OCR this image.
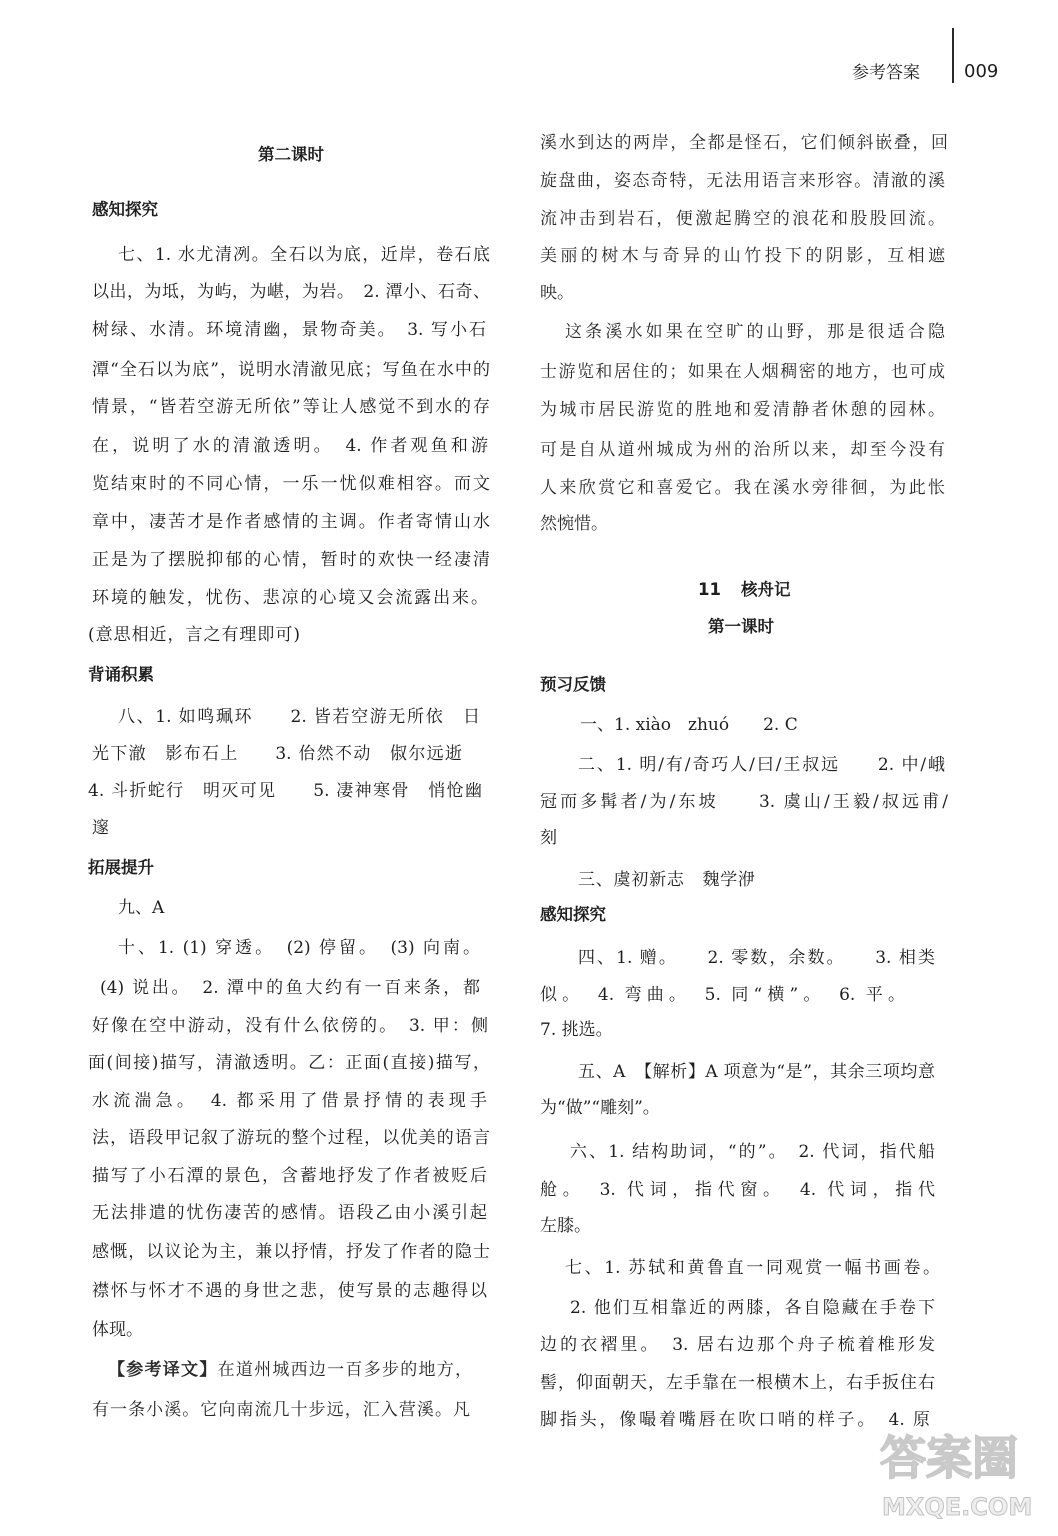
参考答案 009
第二课时
感知探究
七、1. 水尤清冽。全石以为底，近岸，卷石底
以出，为坻，为屿，为嵁，为岩。　2. 潭小、石奇、
树绿、水清。环境清幽，景物奇美。　3. 写小石
潭“全石以为底”，说明水清澈见底；写鱼在水中的
情景，“皆若空游无所依”等让人感觉不到水的存
在，说明了水的清澈透明。　4. 作者观鱼和游
览结束时的不同心情，一乐一忧似难相容。而文
章中，凄苦才是作者感情的主调。作者寄情山水
正是为了摆脱抑郁的心情，暂时的欢快一经凄清
环境的触发，忧伤、悲凉的心境又会流露出来。
(意思相近，言之有理即可)
背诵积累
八、1. 如鸣珮环　　2. 皆若空游无所依　日
光下澈　影布石上　　3. 佁然不动　俶尔远逝
4. 斗折蛇行　明灭可见　　5. 凄神寒骨　悄怆幽
邃
拓展提升
九、A
十、1. (1) 穿透。　(2) 停留。　(3) 向南。
(4) 说出。　2. 潭中的鱼大约有一百来条，都
好像在空中游动，没有什么依傍的。　3. 甲：侧
面(间接)描写，清澈透明。乙：正面(直接)描写，
水流湍急。　4. 都采用了借景抒情的表现手
法，语段甲记叙了游玩的整个过程，以优美的语言
描写了小石潭的景色，含蓄地抒发了作者被贬后
无法排遣的忧伤凄苦的感情。语段乙由小溪引起
感慨，以议论为主，兼以抒情，抒发了作者的隐士
襟怀与怀才不遇的身世之悲，使写景的志趣得以
体现。
【参考译文】在道州城西边一百多步的地方，
有一条小溪。它向南流几十步远，汇入营溪。凡
溪水到达的两岸，全都是怪石，它们倾斜嵌叠，回
旋盘曲，姿态奇特，无法用语言来形容。清澈的溪
流冲击到岩石，便激起腾空的浪花和股股回流。
美丽的树木与奇异的山竹投下的阴影，互相遮
映。
这条溪水如果在空旷的山野，那是很适合隐
士游览和居住的；如果在人烟稠密的地方，也可成
为城市居民游览的胜地和爱清静者休憩的园林。
可是自从道州城成为州的治所以来，却至今没有
人来欣赏它和喜爱它。我在溪水旁徘徊，为此怅
然惋惜。
11 核舟记
第一课时
预习反馈
一、1. xiào　zhuó　　2. C
二、1. 明/有/奇巧人/曰/王叔远　　2. 中/峨
冠而多髯者/为/东坡　　3. 虞山/王毅/叔远甫/
刻
三、虞初新志　魏学洢
感知探究
四、1. 赠。　　2. 零数，余数。　　3. 相类
似。　4. 弯曲。　5. 同“横”。　6. 平。
7. 挑选。
五、A　【解析】A 项意为“是”，其余三项均意
为“做”“雕刻”。
六、1. 结构助词，“的”。　2. 代词，指代船
舱。　3. 代词，指代窗。　4. 代词，指代
左膝。
七、1. 苏轼和黄鲁直一同观赏一幅书画卷。
2. 他们互相靠近的两膝，各自隐藏在手卷下
边的衣褶里。　3. 居右边那个舟子梳着椎形发
髻，仰面朝天，左手靠在一根横木上，右手扳住右
脚指头，像嘬着嘴唇在吹口哨的样子。　4. 原
答案圈
MXQE.COM
